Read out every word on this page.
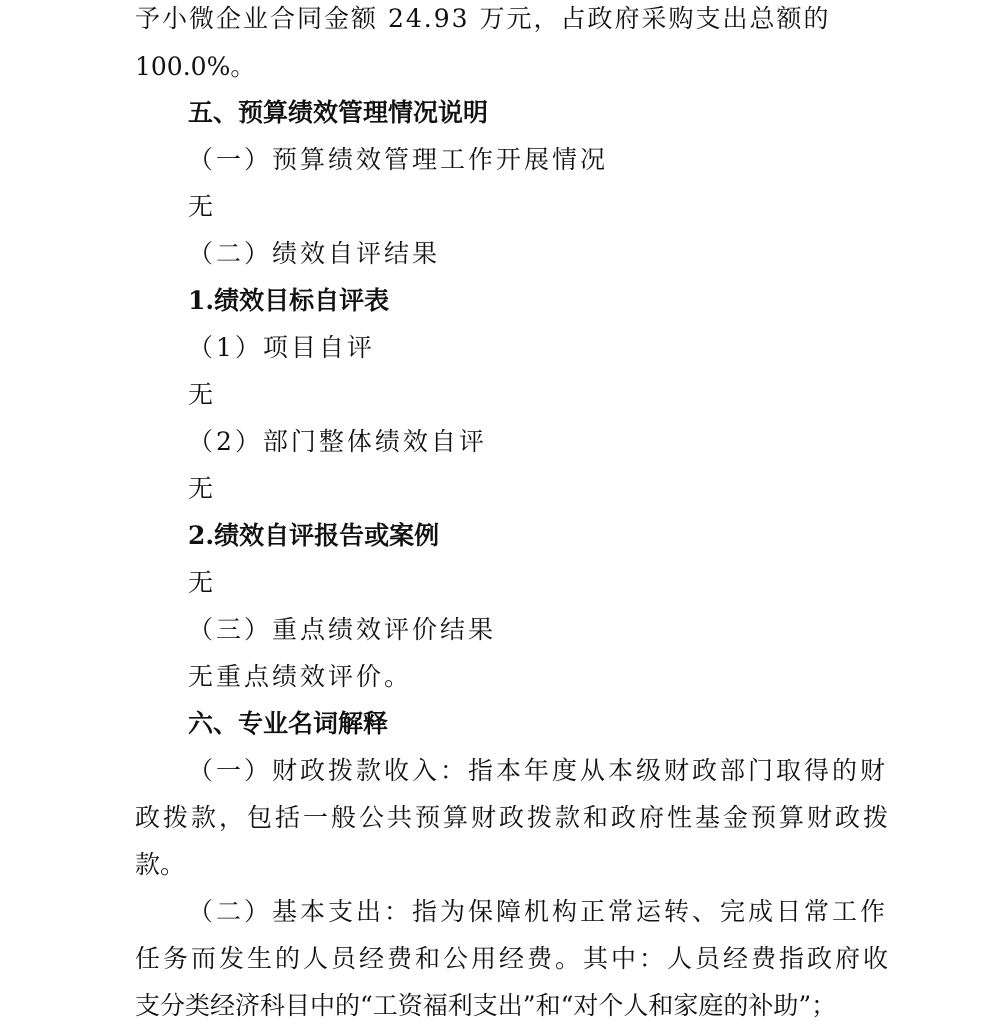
予小微企业合同金额 24.93 万元，占政府采购支出总额的
100.0%。
五、预算绩效管理情况说明
（一）预算绩效管理工作开展情况
无
（二）绩效自评结果
1.绩效目标自评表
（1）项目自评
无
（2）部门整体绩效自评
无
2.绩效自评报告或案例
无
（三）重点绩效评价结果
无重点绩效评价。
六、专业名词解释
（一）财政拨款收入：指本年度从本级财政部门取得的财
政拨款，包括一般公共预算财政拨款和政府性基金预算财政拨
款。
（二）基本支出：指为保障机构正常运转、完成日常工作
任务而发生的人员经费和公用经费。其中：人员经费指政府收
支分类经济科目中的“工资福利支出”和“对个人和家庭的补助”；
